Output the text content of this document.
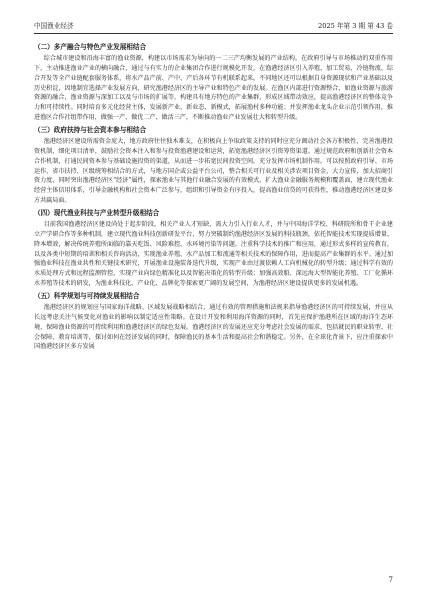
中国渔业经济	2025 年第 3 期 第 43 卷
（二）多产融合与特色产业发展相结合

综合城市建设和沿海丰富的渔业资源，构建以市场需求为导向的一二三产均衡发展的产业结构。在政府引导与市场推动的双重作用下，主动推进渔业产业的横向融合，通过与有实力的企业集团合作进行规模化开发，在渔港经济区引入养殖、加工贸易、冷链物流、综合开发等全产业链配套服务体系，将水产品产前、产中、产后各环节有机联系起来。不同地区还可以根据自身资源现状和产业基础以及历史积淀，因地制宜选择产业发展方向，研究渔港经济区的主导产业和特色产业的发展。在渔区内部进行资源整合，如渔业资源与旅游资源的融合，渔业资源与深加工以及与市场的扩展等，构建具有地方特色的产业集群，形成区域带动效应，提高渔港经济区的整体竞争力和可持续性。同时培育多元化经营主体，发展新产业、新业态、新模式，拓展渔村多种功能；并发挥渔业龙头企业示范引领作用，推进渔区合作社组带作用，做强一产、做优二产、做活三产，不断推动渔业产业发展壮大和转型升级。

（三）政府扶持与社会资本参与相结合

渔港经济区建设所需资金庞大，地方政府往往独木难支，在积极向上争取政策支持的同时应充分调动社会各方积极性，完善渔港投资机制，细化项目清单，鼓励社会资本注入和参与投资渔港建设和运营，拓宽渔港经济区引资筹资渠道。通过规范政府和创新社会资本合作机制，打通民间资本参与基础设施投资的渠道，从而进一步拓宽民间投资空间，充分发挥市场机制作用。可以按照政府引导、市场运作，省市扶持、区级统筹相结合的方式，与地方国企或公益平台公司，整合相关可行业及相关涉农项目资金，大力宣传，加大招商引资力度，同时突出渔港经济区“经济”属性，探索渔业与其他行业融合发展的有效模式，扩大渔业金融服务规模和覆盖面，建立现代渔业经营主体信用体系，引导金融机构和社会资本广泛参与，组织和引导资金有序投入，提高渔业信贷的可获得性，推动渔港经济区建设多方共赢局面。

（四）现代渔业科技与产业转型升级相结合

目前我国渔港经济区建设尚处于起步阶段，相关产业人才短缺，需大力引入行业人才，并与中国海洋学校、科研院所和骨干企业建立产学研合作等多种机制，建立现代渔业科技创新研发平台，努力突破制约渔港经济区发展的科技瓶颈，依托智能技术实现提质增量、降本增效，解决传统养殖所面临的靠天吃饭、风险难控、水环境污染等问题。注重科学技术的推广和应用，通过形式多样的宣传教育，以及各类中短期的培训和相关咨询活动，实现渔业养殖、水产品加工和流通等相关技术的保障作用，进而提高产业集群的水平。通过加强渔业科技在渔业共性和关键技术研究，开展渔业设施装备迭代升级，实现产业由过渡依赖人工向机械化的转型升级；通过科学有效的水质处理方式和远程监测管控，实现产业向绿色精准化以及智能决策化的转型升级；加强高效船、深远海大型智能化养殖、工厂化循环水养殖等技术的研发，为渔业科技化、产业化、品牌化等探索更广阔的发展空间，为渔港经济区建设提供更多的发展机遇。

（五）科学规划与可持续发展相结合

渔港经济区的规划应与国家海洋战略、区域发展战略相结合，通过有效的管理措施和法规来指导渔港经济区的可持续发展，并应从长远考虑关注气候变化对渔业的影响以制定适应性策略。在设计开发和利用海洋资源的同时，首先应保护渔港所在区域的海洋生态环境，保障渔业资源的可持续利用和渔港经济区的绿色发展。渔港经济区的发展还应充分考虑社会发展的需求，包括就民的职业转型、社会保障、教育培训等，探讨如何在经济发展的同时，保障渔民的基本生活和提高社会和谐稳定。另外，在全球化背景下，应注重探索中国渔港经济区多方发展

7
